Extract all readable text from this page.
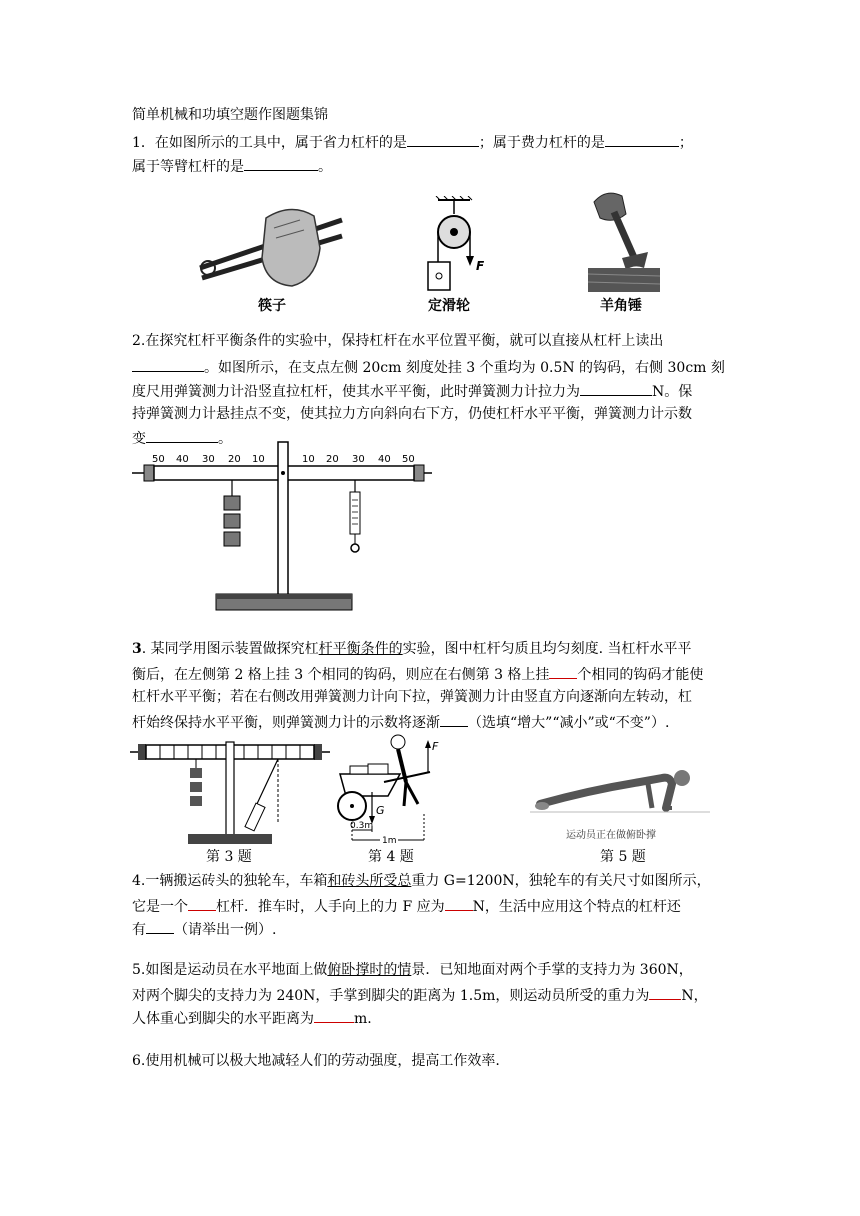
简单机械和功填空题作图题集锦
1．在如图所示的工具中，属于省力杠杆的是	；属于费力杠杆的是	；
属于等臂杠杆的是	。
筷子
F
定滑轮	羊角锤
2.在探究杠杆平衡条件的实验中，保持杠杆在水平位置平衡，就可以直接从杠杆上读出
。如图所示，在支点左侧 20cm 刻度处挂 3 个重均为 0.5N 的钩码，右侧 30cm 刻
度尺用弹簧测力计沿竖直拉杠杆，使其水平平衡，此时弹簧测力计拉力为	N。保
持弹簧测力计悬挂点不变，使其拉力方向斜向右下方，仍使杠杆水平平衡，弹簧测力计示数
变	。
50 40 30 20 10	10 20 30 40 50
3. 某同学用图示装置做探究杠杆平衡条件的实验，图中杠杆匀质且均匀刻度. 当杠杆水平平
衡后，在左侧第 2 格上挂 3 个相同的钩码，则应在右侧第 3 格上挂 个相同的钩码才能使
杠杆水平平衡；若在右侧改用弹簧测力计向下拉，弹簧测力计由竖直方向逐渐向左转动，杠
杆始终保持水平平衡，则弹簧测力计的示数将逐渐 （选填“增大”“减小”或“不变”）.
第 3 题
F
G
0.3m
1m
第 4 题
运动员正在做俯卧撑
第 5 题
4.一辆搬运砖头的独轮车，车箱和砖头所受总重力 G=1200N，独轮车的有关尺寸如图所示，
它是一个 杠杆．推车时，人手向上的力 F 应为 N，生活中应用这个特点的杠杆还
有 （请举出一例）.
5.如图是运动员在水平地面上做俯卧撑时的情景．已知地面对两个手掌的支持力为 360N，
对两个脚尖的支持力为 240N，手掌到脚尖的距离为 1.5m，则运动员所受的重力为 N，
人体重心到脚尖的水平距离为	m.
6.使用机械可以极大地减轻人们的劳动强度，提高工作效率.
